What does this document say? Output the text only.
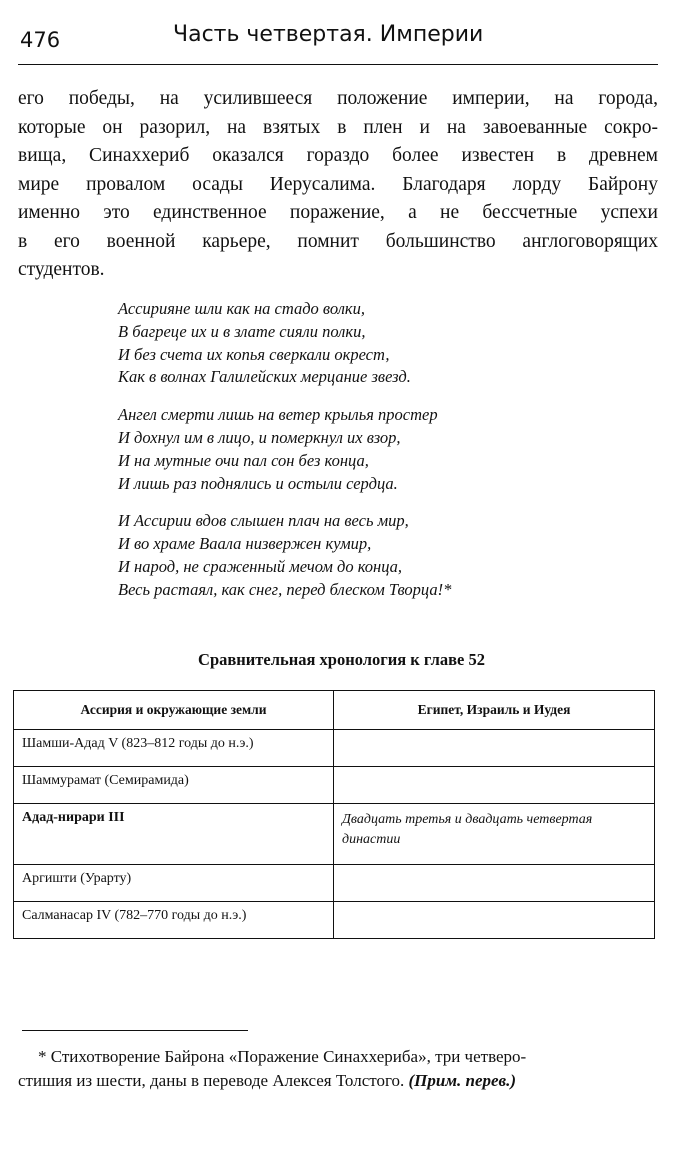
476	Часть четвертая. Империи
его победы, на усилившееся положение империи, на города,
которые он разорил, на взятых в плен и на завоеванные сокро-
вища, Синаххериб оказался гораздо более известен в древнем
мире провалом осады Иерусалима. Благодаря лорду Байрону
именно это единственное поражение, а не бессчетные успехи
в его военной карьере, помнит большинство англоговорящих
студентов.
Ассирияне шли как на стадо волки,
В багреце их и в злате сияли полки,
И без счета их копья сверкали окрест,
Как в волнах Галилейских мерцание звезд.
Ангел смерти лишь на ветер крылья простер
И дохнул им в лицо, и померкнул их взор,
И на мутные очи пал сон без конца,
И лишь раз поднялись и остыли сердца.
И Ассирии вдов слышен плач на весь мир,
И во храме Ваала низвержен кумир,
И народ, не сраженный мечом до конца,
Весь растаял, как снег, перед блеском Творца!*
Сравнительная хронология к главе 52
Ассирия и окружающие земли	Египет, Израиль и Иудея
Шамши-Адад V (823–812 годы до н.э.)	
Шаммурамат (Семирамида)	
Адад-нирари III	Двадцать третья и двадцать четвертая династии
Аргишти (Урарту)	
Салманасар IV (782–770 годы до н.э.)	
* Стихотворение Байрона «Поражение Синаххериба», три четверо-
стишия из шести, даны в переводе Алексея Толстого. (Прим. перев.)
